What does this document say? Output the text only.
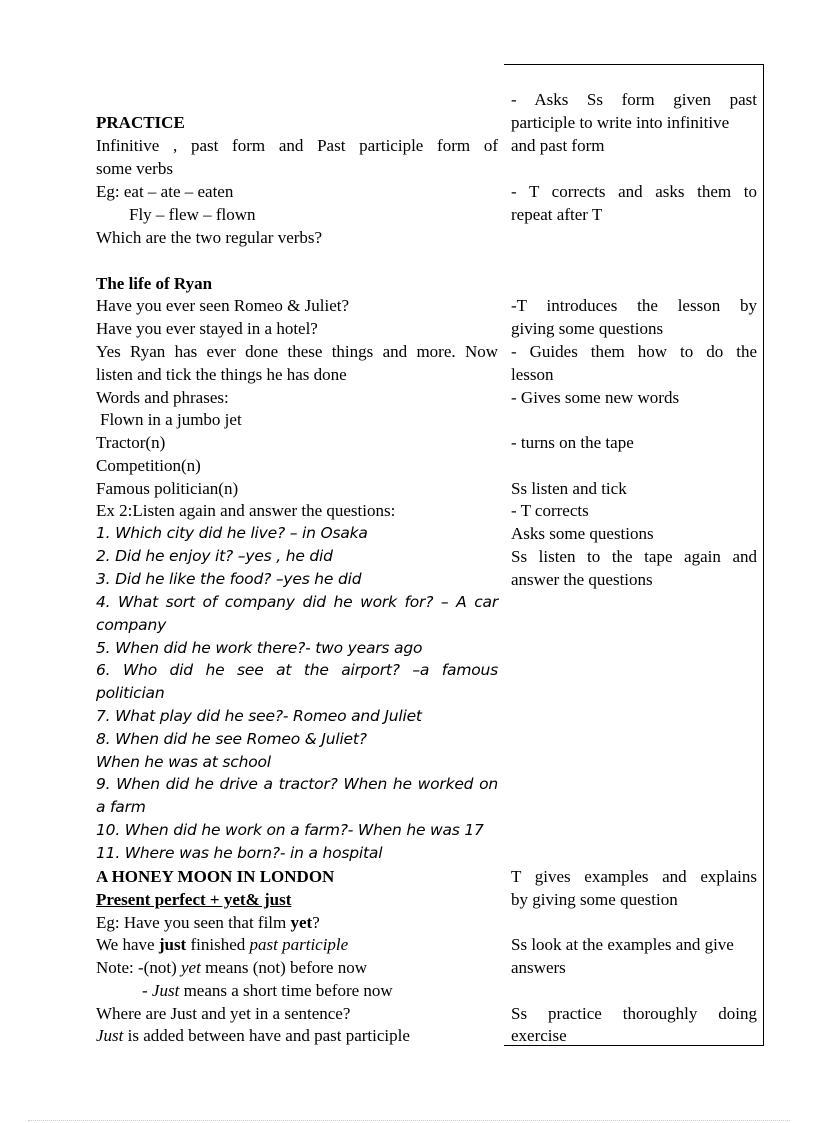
PRACTICE
Infinitive , past form and Past participle form of
some verbs
Eg: eat – ate – eaten
Fly – flew – flown
Which are the two regular verbs?
The life of Ryan
Have you ever seen Romeo & Juliet?
Have you ever stayed in a hotel?
Yes Ryan has ever done these things and more. Now
listen and tick the things he has done
Words and phrases:
Flown in a jumbo jet
Tractor(n)
Competition(n)
Famous politician(n)
Ex 2:Listen again and answer the questions:
1. Which city did he live? – in Osaka
2. Did he enjoy it? –yes , he did
3. Did he like the food? –yes he did
4. What sort of company did he work for? – A car
company
5. When did he work there?- two years ago
6. Who did he see at the airport? –a famous
politician
7. What play did he see?- Romeo and Juliet
8. When did he see Romeo & Juliet?
When he was at school
9. When did he drive a tractor? When he worked on
a farm
10. When did he work on a farm?- When he was 17
11. Where was he born?- in a hospital
A HONEY MOON IN LONDON
Present perfect + yet& just
Eg: Have you seen that film yet?
We have just finished past participle
Note: -(not) yet means (not) before now
- Just means a short time before now
Where are Just and yet in a sentence?
Just is added between have and past participle
- Asks Ss form given past
participle to write into infinitive
and past form
- T corrects and asks them to
repeat after T
-T introduces the lesson by
giving some questions
- Guides them how to do the
lesson
- Gives some new words
- turns on the tape
Ss listen and tick
- T corrects
Asks some questions
Ss listen to the tape again and
answer the questions
T gives examples and explains
by giving some question
Ss look at the examples and give
answers
Ss practice thoroughly doing
exercise
